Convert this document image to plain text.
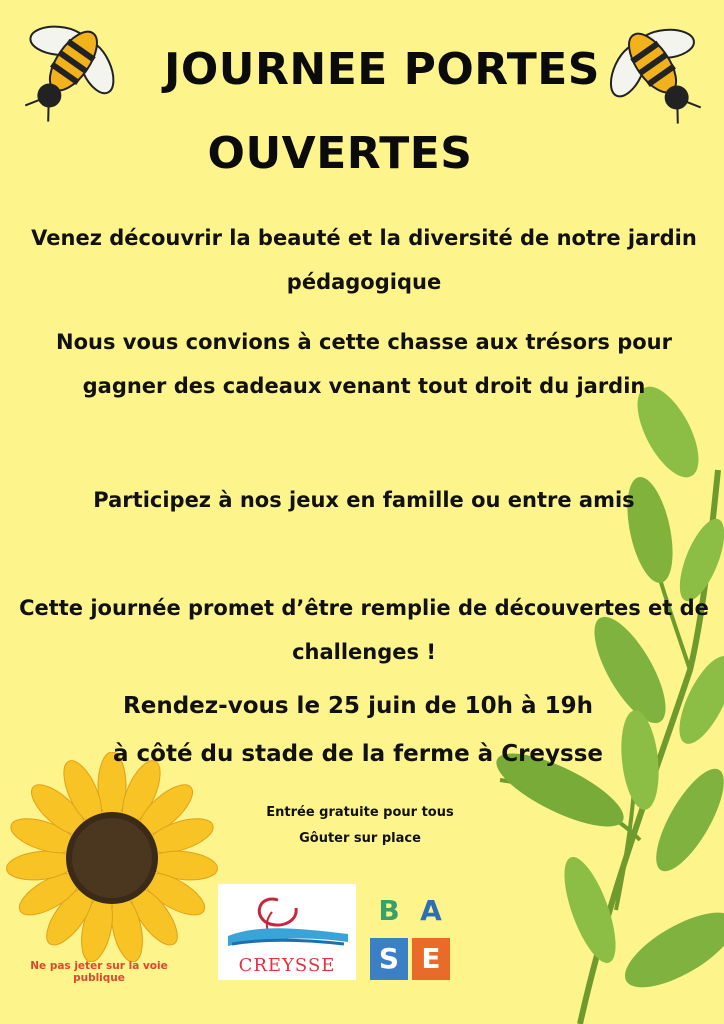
JOURNEE PORTES
OUVERTES

Venez découvrir la beauté et la diversité de notre jardin pédagogique

Nous vous convions à cette chasse aux trésors pour gagner des cadeaux venant tout droit du jardin

Participez à nos jeux en famille ou entre amis

Cette journée promet d’être remplie de découvertes et de challenges !

Rendez-vous le 25 juin de 10h à 19h
à côté du stade de la ferme à Creysse

Entrée gratuite pour tous

Gôuter sur place

Ne pas jeter sur la voie publique

CREYSSE
B A
S E
